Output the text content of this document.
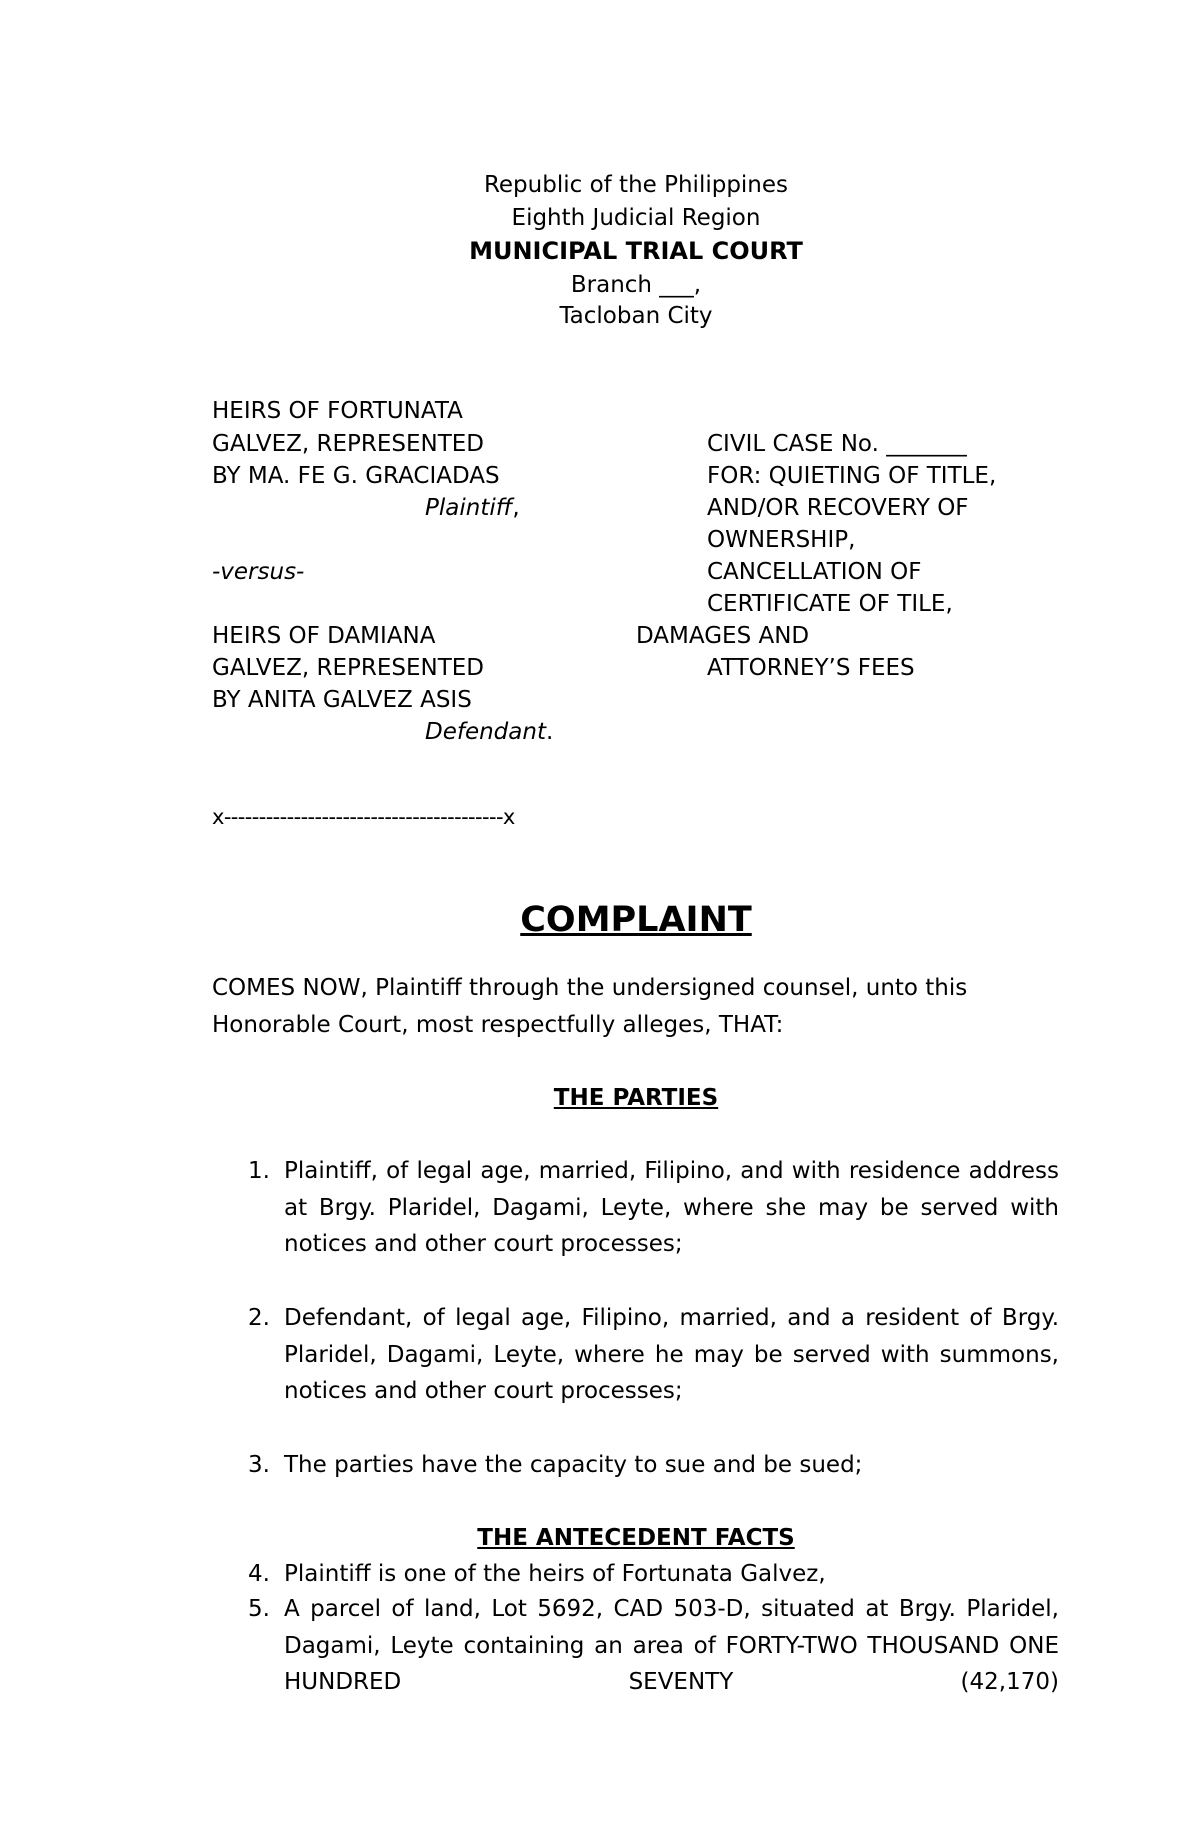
Republic of the Philippines
Eighth Judicial Region
MUNICIPAL TRIAL COURT
Branch ___,
Tacloban City
HEIRS OF FORTUNATA
GALVEZ, REPRESENTED
BY MA. FE G. GRACIADAS
Plaintiff,
-versus-
HEIRS OF DAMIANA
GALVEZ, REPRESENTED
BY ANITA GALVEZ ASIS
Defendant.
CIVIL CASE No. _______
FOR: QUIETING OF TITLE,
AND/OR RECOVERY OF
OWNERSHIP,
CANCELLATION OF
CERTIFICATE OF TILE,
DAMAGES AND
ATTORNEY’S FEES
x----------------------------------------x
COMPLAINT
COMES NOW, Plaintiff through the undersigned counsel, unto this Honorable Court, most respectfully alleges, THAT:
THE PARTIES
1. Plaintiff, of legal age, married, Filipino, and with residence address at Brgy. Plaridel, Dagami, Leyte, where she may be served with notices and other court processes;
2. Defendant, of legal age, Filipino, married, and a resident of Brgy. Plaridel, Dagami, Leyte, where he may be served with summons, notices and other court processes;
3. The parties have the capacity to sue and be sued;
THE ANTECEDENT FACTS
4. Plaintiff is one of the heirs of Fortunata Galvez,
5. A parcel of land, Lot 5692, CAD 503-D, situated at Brgy. Plaridel, Dagami, Leyte containing an area of FORTY-TWO THOUSAND ONE HUNDRED SEVENTY (42,170)
